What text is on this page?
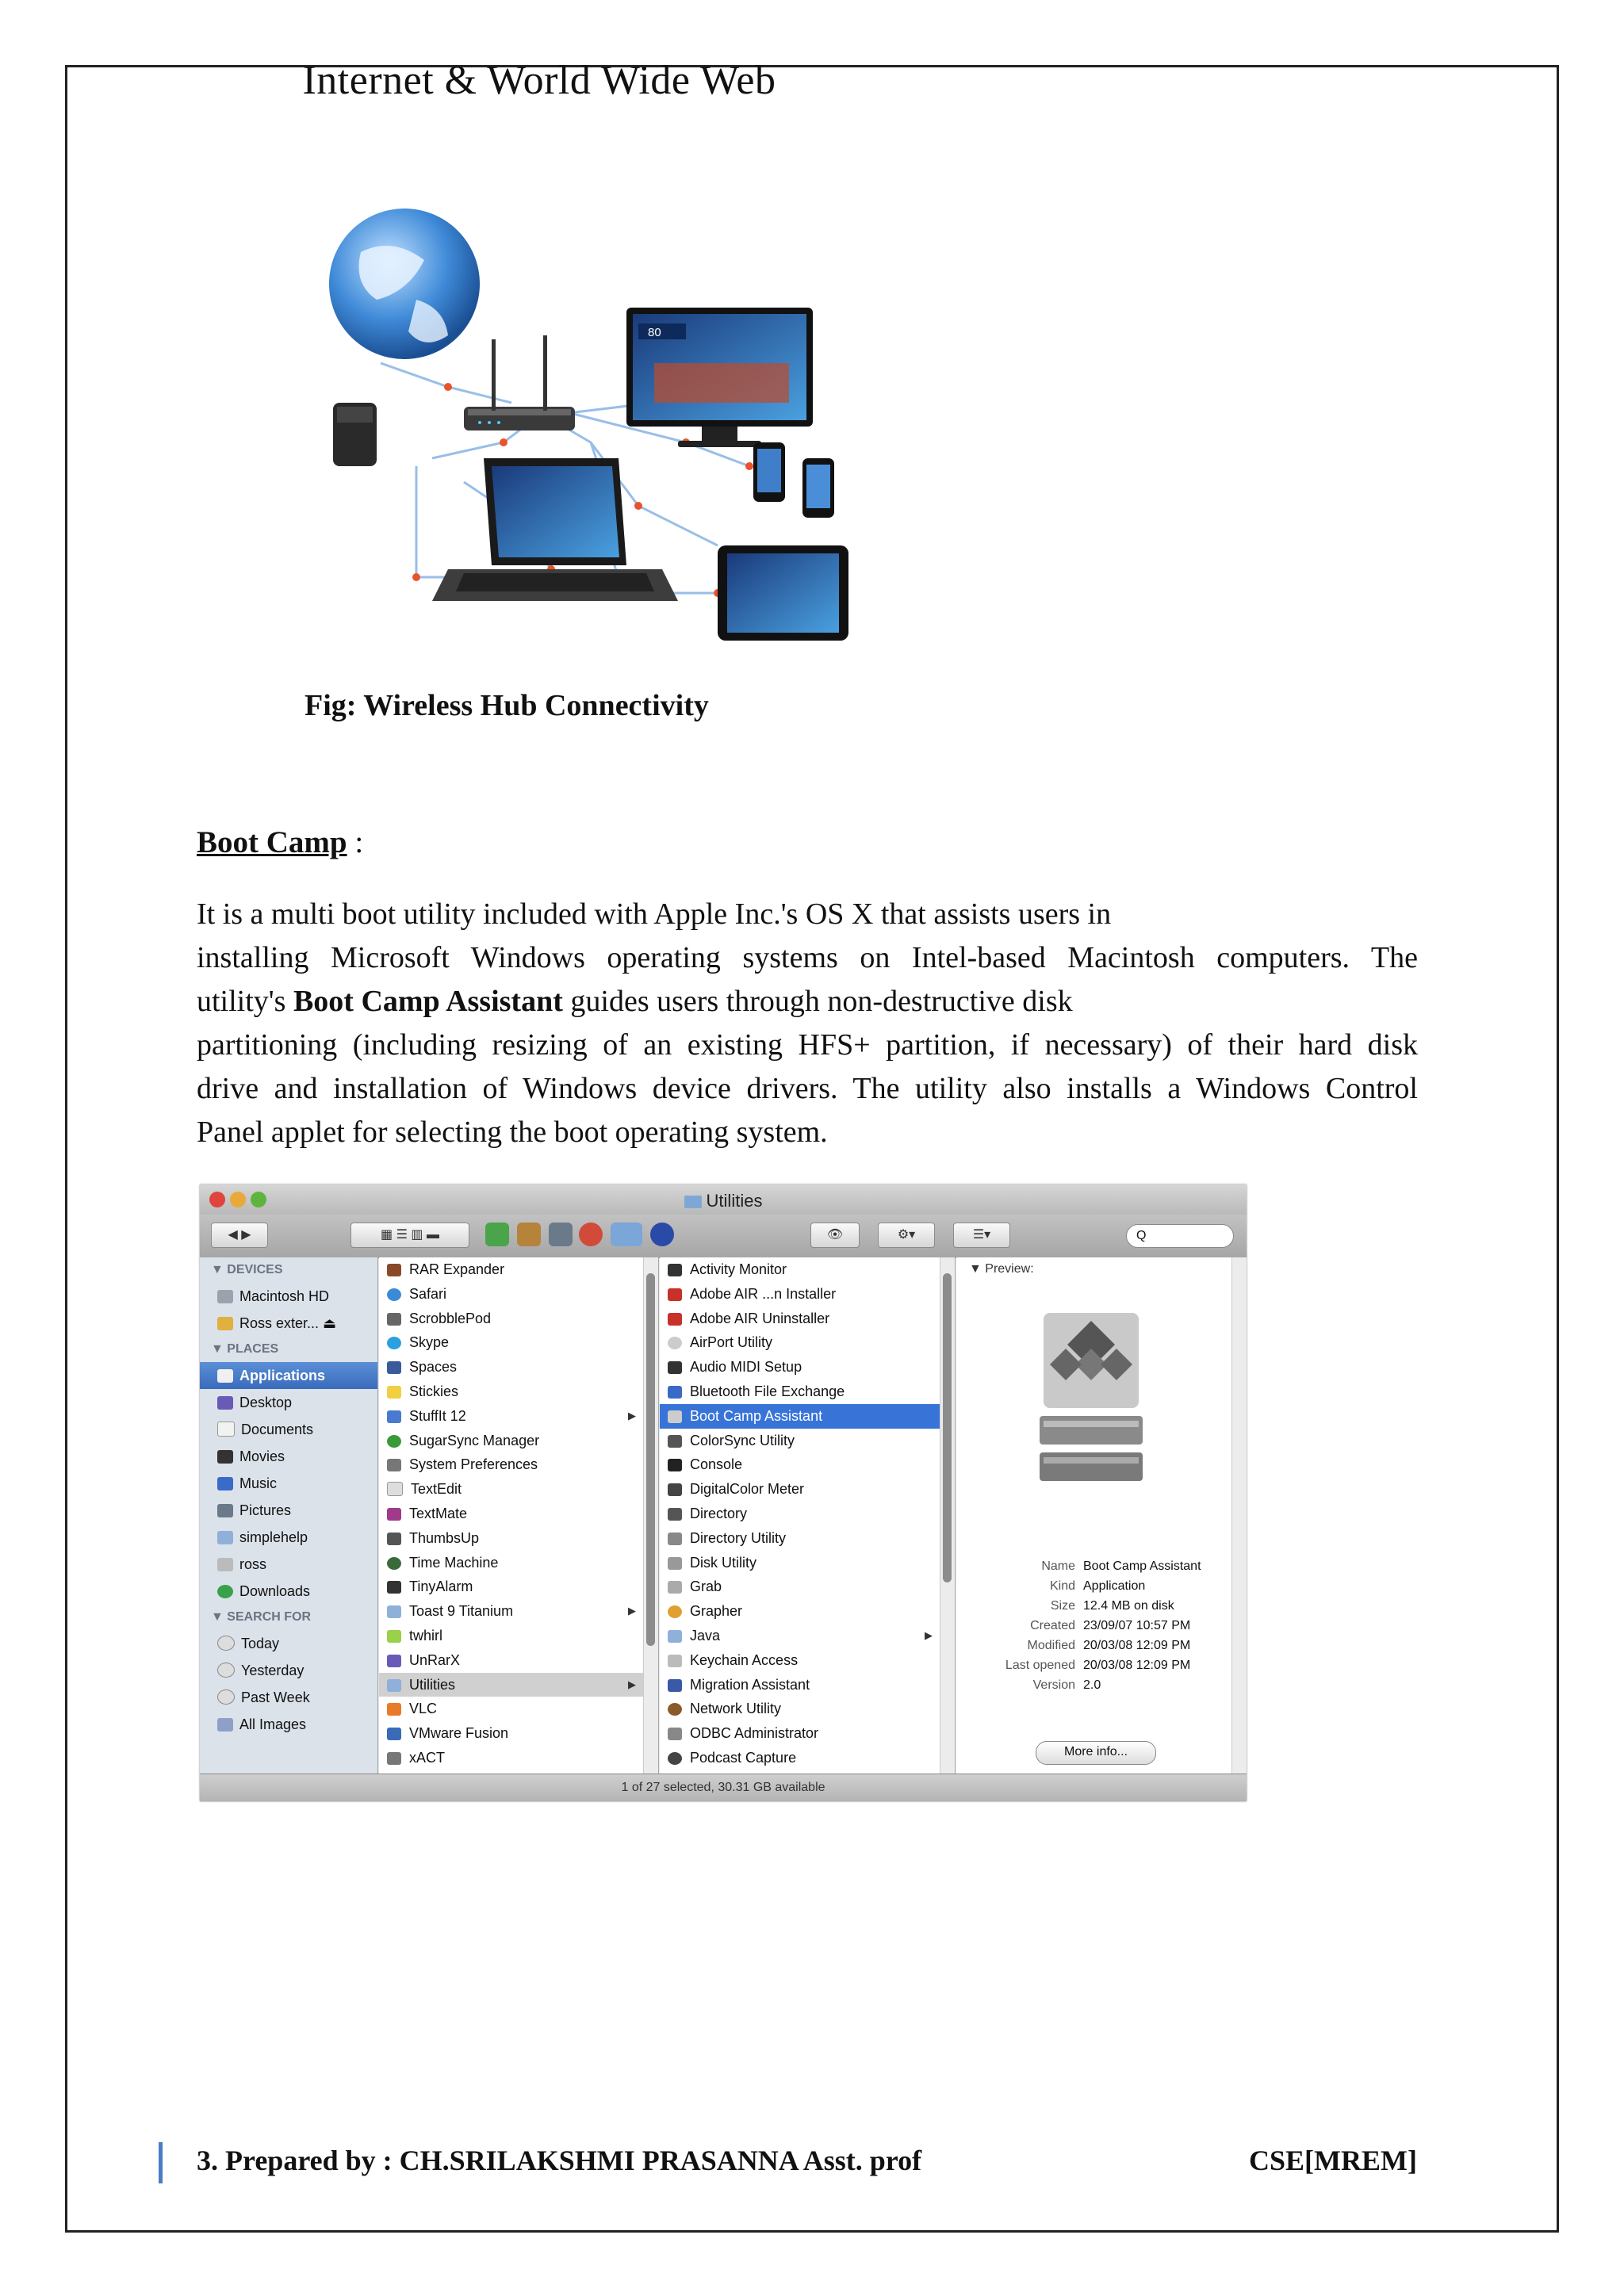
Internet & World Wide Web
80
Fig: Wireless Hub Connectivity
Boot Camp :
It is a multi boot utility included with Apple Inc.'s OS X that assists users in
installing Microsoft Windows operating systems on Intel-based Macintosh computers. The
utility's Boot Camp Assistant guides users through non-destructive disk
partitioning (including resizing of an existing HFS+ partition, if necessary) of their hard disk
drive and installation of Windows device drivers. The utility also installs a Windows Control
Panel applet for selecting the boot operating system.
Utilities
◀ ▶	▦ ☰ ▥ ▬	👁	⚙▾	☰▾	Q
▼ DEVICES
Macintosh HD
Ross exter... ⏏
▼ PLACES
Applications
Desktop
Documents
Movies
Music
Pictures
simplehelp
ross
Downloads
▼ SEARCH FOR
Today
Yesterday
Past Week
All Images
RAR Expander
Safari
ScrobblePod
Skype
Spaces
Stickies
StuffIt 12	▶
SugarSync Manager
System Preferences
TextEdit
TextMate
ThumbsUp
Time Machine
TinyAlarm
Toast 9 Titanium	▶
twhirl
UnRarX
Utilities	▶
VLC
VMware Fusion
xACT
Activity Monitor
Adobe AIR ...n Installer
Adobe AIR Uninstaller
AirPort Utility
Audio MIDI Setup
Bluetooth File Exchange
Boot Camp Assistant
ColorSync Utility
Console
DigitalColor Meter
Directory
Directory Utility
Disk Utility
Grab
Grapher
Java	▶
Keychain Access
Migration Assistant
Network Utility
ODBC Administrator
Podcast Capture
▼ Preview:
Name Boot Camp Assistant
Kind Application
Size 12.4 MB on disk
Created 23/09/07 10:57 PM
Modified 20/03/08 12:09 PM
Last opened 20/03/08 12:09 PM
Version 2.0
More info...
1 of 27 selected, 30.31 GB available
3. Prepared by : CH.SRILAKSHMI PRASANNA Asst. prof	CSE[MREM]
